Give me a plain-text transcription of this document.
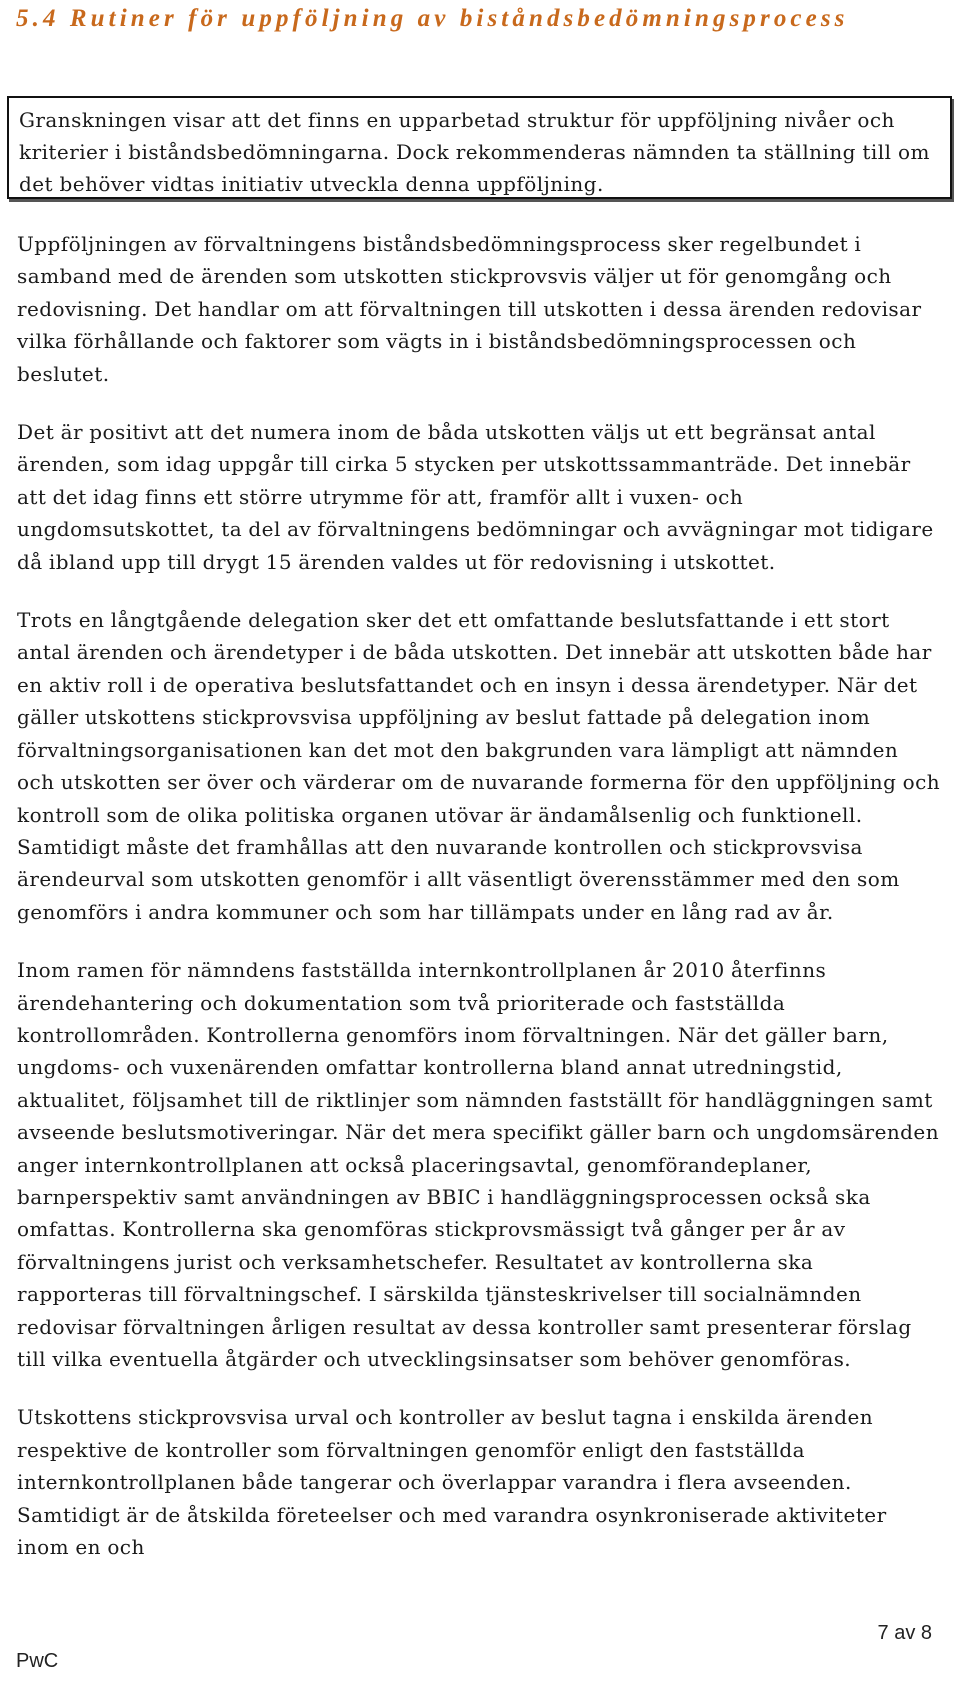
5.4 Rutiner för uppföljning av biståndsbedömningsprocess

Granskningen visar att det finns en upparbetad struktur för uppföljning nivåer och kriterier i biståndsbedömningarna. Dock rekommenderas nämnden ta ställning till om det behöver vidtas initiativ utveckla denna uppföljning.

Uppföljningen av förvaltningens biståndsbedömningsprocess sker regelbundet i samband med de ärenden som utskotten stickprovsvis väljer ut för genomgång och redovisning. Det handlar om att förvaltningen till utskotten i dessa ärenden redovisar vilka förhållande och faktorer som vägts in i biståndsbedömningsprocessen och beslutet.

Det är positivt att det numera inom de båda utskotten väljs ut ett begränsat antal ärenden, som idag uppgår till cirka 5 stycken per utskottssammanträde. Det innebär att det idag finns ett större utrymme för att, framför allt i vuxen- och ungdomsutskottet, ta del av förvaltningens bedömningar och avvägningar mot tidigare då ibland upp till drygt 15 ärenden valdes ut för redovisning i utskottet.

Trots en långtgående delegation sker det ett omfattande beslutsfattande i ett stort antal ärenden och ärendetyper i de båda utskotten. Det innebär att utskotten både har en aktiv roll i de operativa beslutsfattandet och en insyn i dessa ärendetyper. När det gäller utskottens stickprovsvisa uppföljning av beslut fattade på delegation inom förvaltningsorganisationen kan det mot den bakgrunden vara lämpligt att nämnden och utskotten ser över och värderar om de nuvarande formerna för den uppföljning och kontroll som de olika politiska organen utövar är ändamålsenlig och funktionell. Samtidigt måste det framhållas att den nuvarande kontrollen och stickprovsvisa ärendeurval som utskotten genomför i allt väsentligt överensstämmer med den som genomförs i andra kommuner och som har tillämpats under en lång rad av år.

Inom ramen för nämndens fastställda internkontrollplanen år 2010 återfinns ärendehantering och dokumentation som två prioriterade och fastställda kontrollområden. Kontrollerna genomförs inom förvaltningen. När det gäller barn, ungdoms- och vuxenärenden omfattar kontrollerna bland annat utredningstid, aktualitet, följsamhet till de riktlinjer som nämnden fastställt för handläggningen samt avseende beslutsmotiveringar. När det mera specifikt gäller barn och ungdomsärenden anger internkontrollplanen att också placeringsavtal, genomförandeplaner, barnperspektiv samt användningen av BBIC i handläggningsprocessen också ska omfattas. Kontrollerna ska genomföras stickprovsmässigt två gånger per år av förvaltningens jurist och verksamhetschefer. Resultatet av kontrollerna ska rapporteras till förvaltningschef. I särskilda tjänsteskrivelser till socialnämnden redovisar förvaltningen årligen resultat av dessa kontroller samt presenterar förslag till vilka eventuella åtgärder och utvecklingsinsatser som behöver genomföras.

Utskottens stickprovsvisa urval och kontroller av beslut tagna i enskilda ärenden respektive de kontroller som förvaltningen genomför enligt den fastställda internkontrollplanen både tangerar och överlappar varandra i flera avseenden. Samtidigt är de åtskilda företeelser och med varandra osynkroniserade aktiviteter inom en och

7 av 8
PwC
